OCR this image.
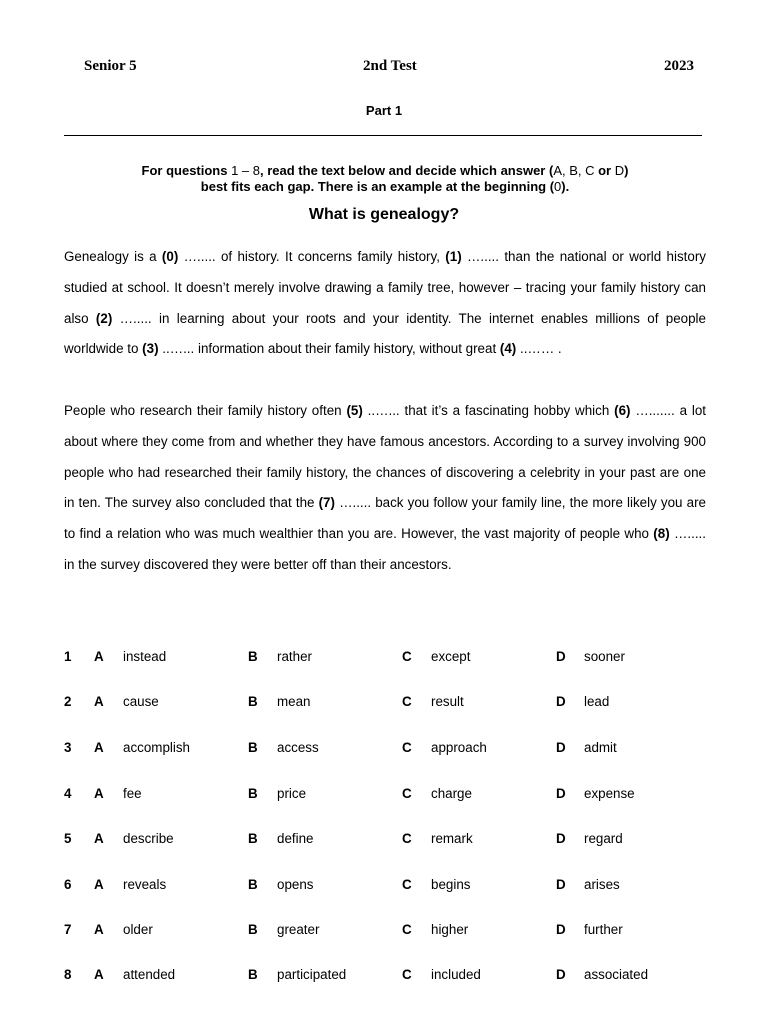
Senior 5	2nd Test	2023
Part 1
For questions 1 – 8, read the text below and decide which answer (A, B, C or D)
best fits each gap. There is an example at the beginning (0).
What is genealogy?

Genealogy is a (0) …..... of history. It concerns family history, (1) …..... than the national or world history studied at school. It doesn’t merely involve drawing a family tree, however – tracing your family history can also (2) …..... in learning about your roots and your identity. The internet enables millions of people worldwide to (3) ..…... information about their family history, without great (4) ..…… .

People who research their family history often (5) ..…... that it’s a fascinating hobby which (6) …....... a lot about where they come from and whether they have famous ancestors. According to a survey involving 900 people who had researched their family history, the chances of discovering a celebrity in your past are one in ten. The survey also concluded that the (7) …..... back you follow your family line, the more likely you are to find a relation who was much wealthier than you are. However, the vast majority of people who (8) …..... in the survey discovered they were better off than their ancestors.

1 A instead	B rather	C except	D sooner
2 A cause	B mean	C result	D lead
3 A accomplish	B access	C approach	D admit
4 A fee	B price	C charge	D expense
5 A describe	B define	C remark	D regard
6 A reveals	B opens	C begins	D arises
7 A older	B greater	C higher	D further
8 A attended	B participated	C included	D associated
